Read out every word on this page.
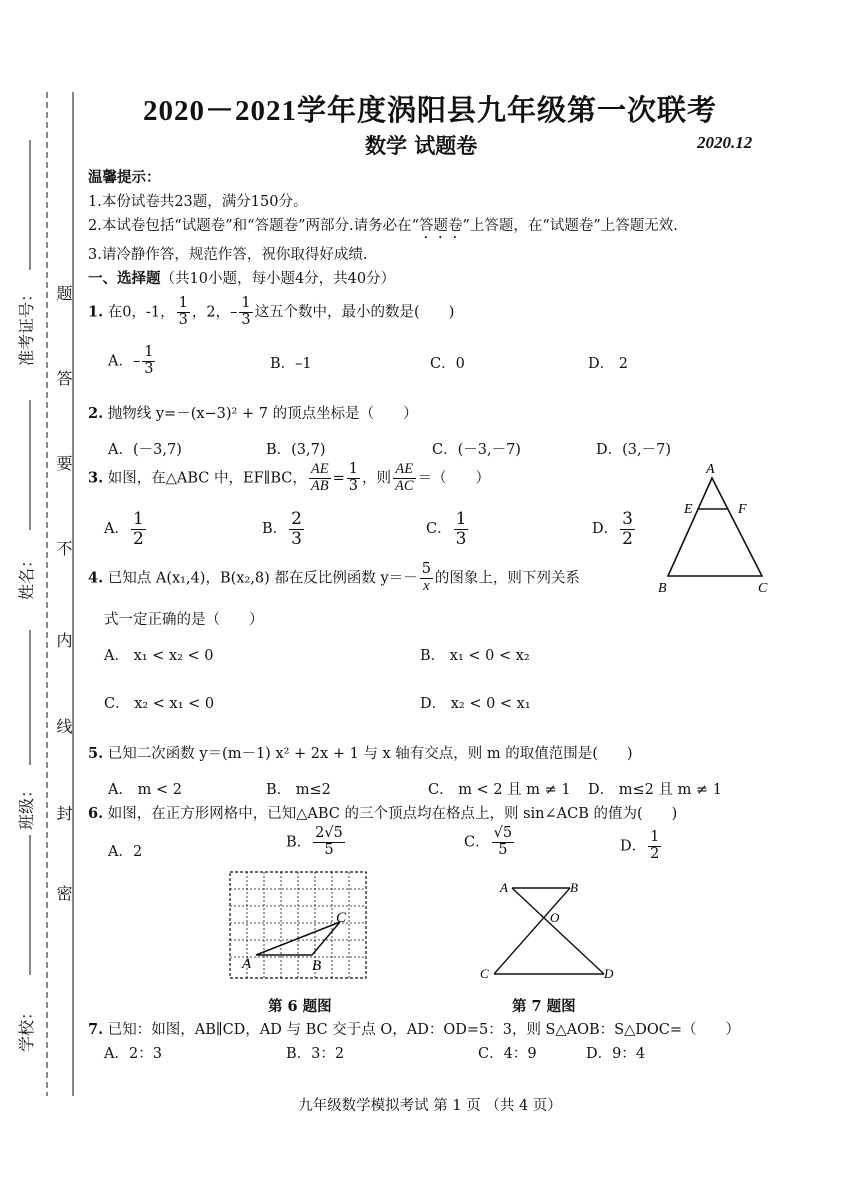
准考证号：
姓名：
班级：
学校：
题
答
要
不
内
线
封
密
2020－2021学年度涡阳县九年级第一次联考
数学 试题卷	2020.12
温馨提示：
1.本份试卷共23题，满分150分。
2.本试卷包括“试题卷”和“答题卷”两部分.请务必在“答题卷”上答题，在“试题卷”上答题无效.
3.请冷静作答，规范作答，祝你取得好成绩.
一、选择题（共10小题，每小题4分，共40分）
1. 在0，-1， $\frac{1}{3}$ ，2，– $\frac{1}{3}$ 这五个数中，最小的数是(　　)
A．– $\frac{1}{3}$	B．–1	C．0	D． 2
2. 抛物线 y=－(x−3)² + 7 的顶点坐标是（　　）
A．(－3,7)	B．(3,7)	C．(－3,－7)	D．(3,－7)
3. 如图，在△ABC 中，EF∥BC， $\frac{AE}{AB} = \frac{1}{3}$ ，则 $\frac{AE}{AC}$ ＝（　　）
A． $\frac{1}{2}$	B． $\frac{2}{3}$	C． $\frac{1}{3}$	D． $\frac{3}{2}$
A
E	F
B	C
4. 已知点 A(x₁,4)，B(x₂,8) 都在反比例函数 $y=- \frac{5}{x}$ 的图象上，则下列关系
式一定正确的是（　　）
A． x₁ < x₂ < 0	B． x₁ < 0 < x₂
C． x₂ < x₁ < 0	D． x₂ < 0 < x₁
5. 已知二次函数 y＝(m－1) x² + 2x + 1 与 x 轴有交点，则 m 的取值范围是(　　)
A． m < 2	B． m≤2	C． m < 2 且 m ≠ 1 D． m≤2 且 m ≠ 1
6. 如图，在正方形网格中，已知△ABC 的三个顶点均在格点上，则 sin∠ACB 的值为(　　)
A．2
B． $\frac{2√5}{5}$	C． $\frac{√5}{5}$	D． $\frac{1}{2}$
A	B
C
第 6 题图
A	B
O
C	D
第 7 题图
7. 已知：如图，AB∥CD，AD 与 BC 交于点 O，AD：OD=5：3，则 S△AOB：S△DOC=（　　）
A．2：3	B．3：2	C．4：9	D．9：4
九年级数学模拟考试 第 1 页 （共 4 页）
